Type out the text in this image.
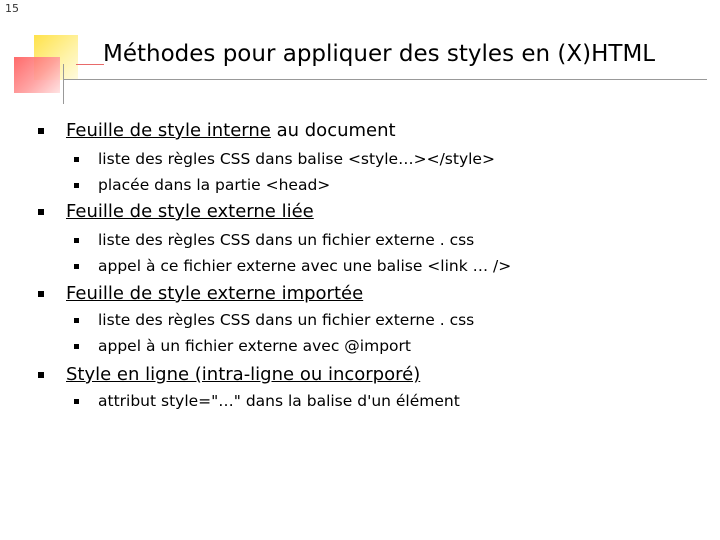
15
Méthodes pour appliquer des styles en (X)HTML
Feuille de style interne au document
liste des règles CSS dans balise <style…></style>
placée dans la partie <head>
Feuille de style externe liée
liste des règles CSS dans un fichier externe . css
appel à ce fichier externe avec une balise <link … />
Feuille de style externe importée
liste des règles CSS dans un fichier externe . css
appel à un fichier externe avec @import
Style en ligne (intra-ligne ou incorporé)
attribut style="…" dans la balise d'un élément
